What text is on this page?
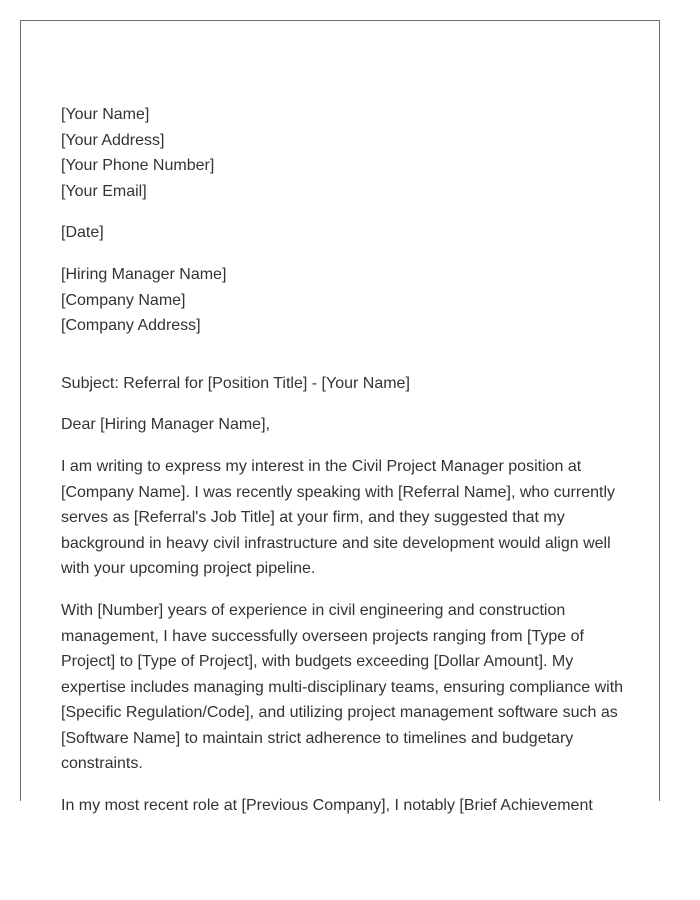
[Your Name]
[Your Address]
[Your Phone Number]
[Your Email]
[Date]
[Hiring Manager Name]
[Company Name]
[Company Address]

Subject: Referral for [Position Title] - [Your Name]

Dear [Hiring Manager Name],

I am writing to express my interest in the Civil Project Manager position at [Company Name]. I was recently speaking with [Referral Name], who currently serves as [Referral's Job Title] at your firm, and they suggested that my background in heavy civil infrastructure and site development would align well with your upcoming project pipeline.

With [Number] years of experience in civil engineering and construction management, I have successfully overseen projects ranging from [Type of Project] to [Type of Project], with budgets exceeding [Dollar Amount]. My expertise includes managing multi-disciplinary teams, ensuring compliance with [Specific Regulation/Code], and utilizing project management software such as [Software Name] to maintain strict adherence to timelines and budgetary constraints.

In my most recent role at [Previous Company], I notably [Brief Achievement
